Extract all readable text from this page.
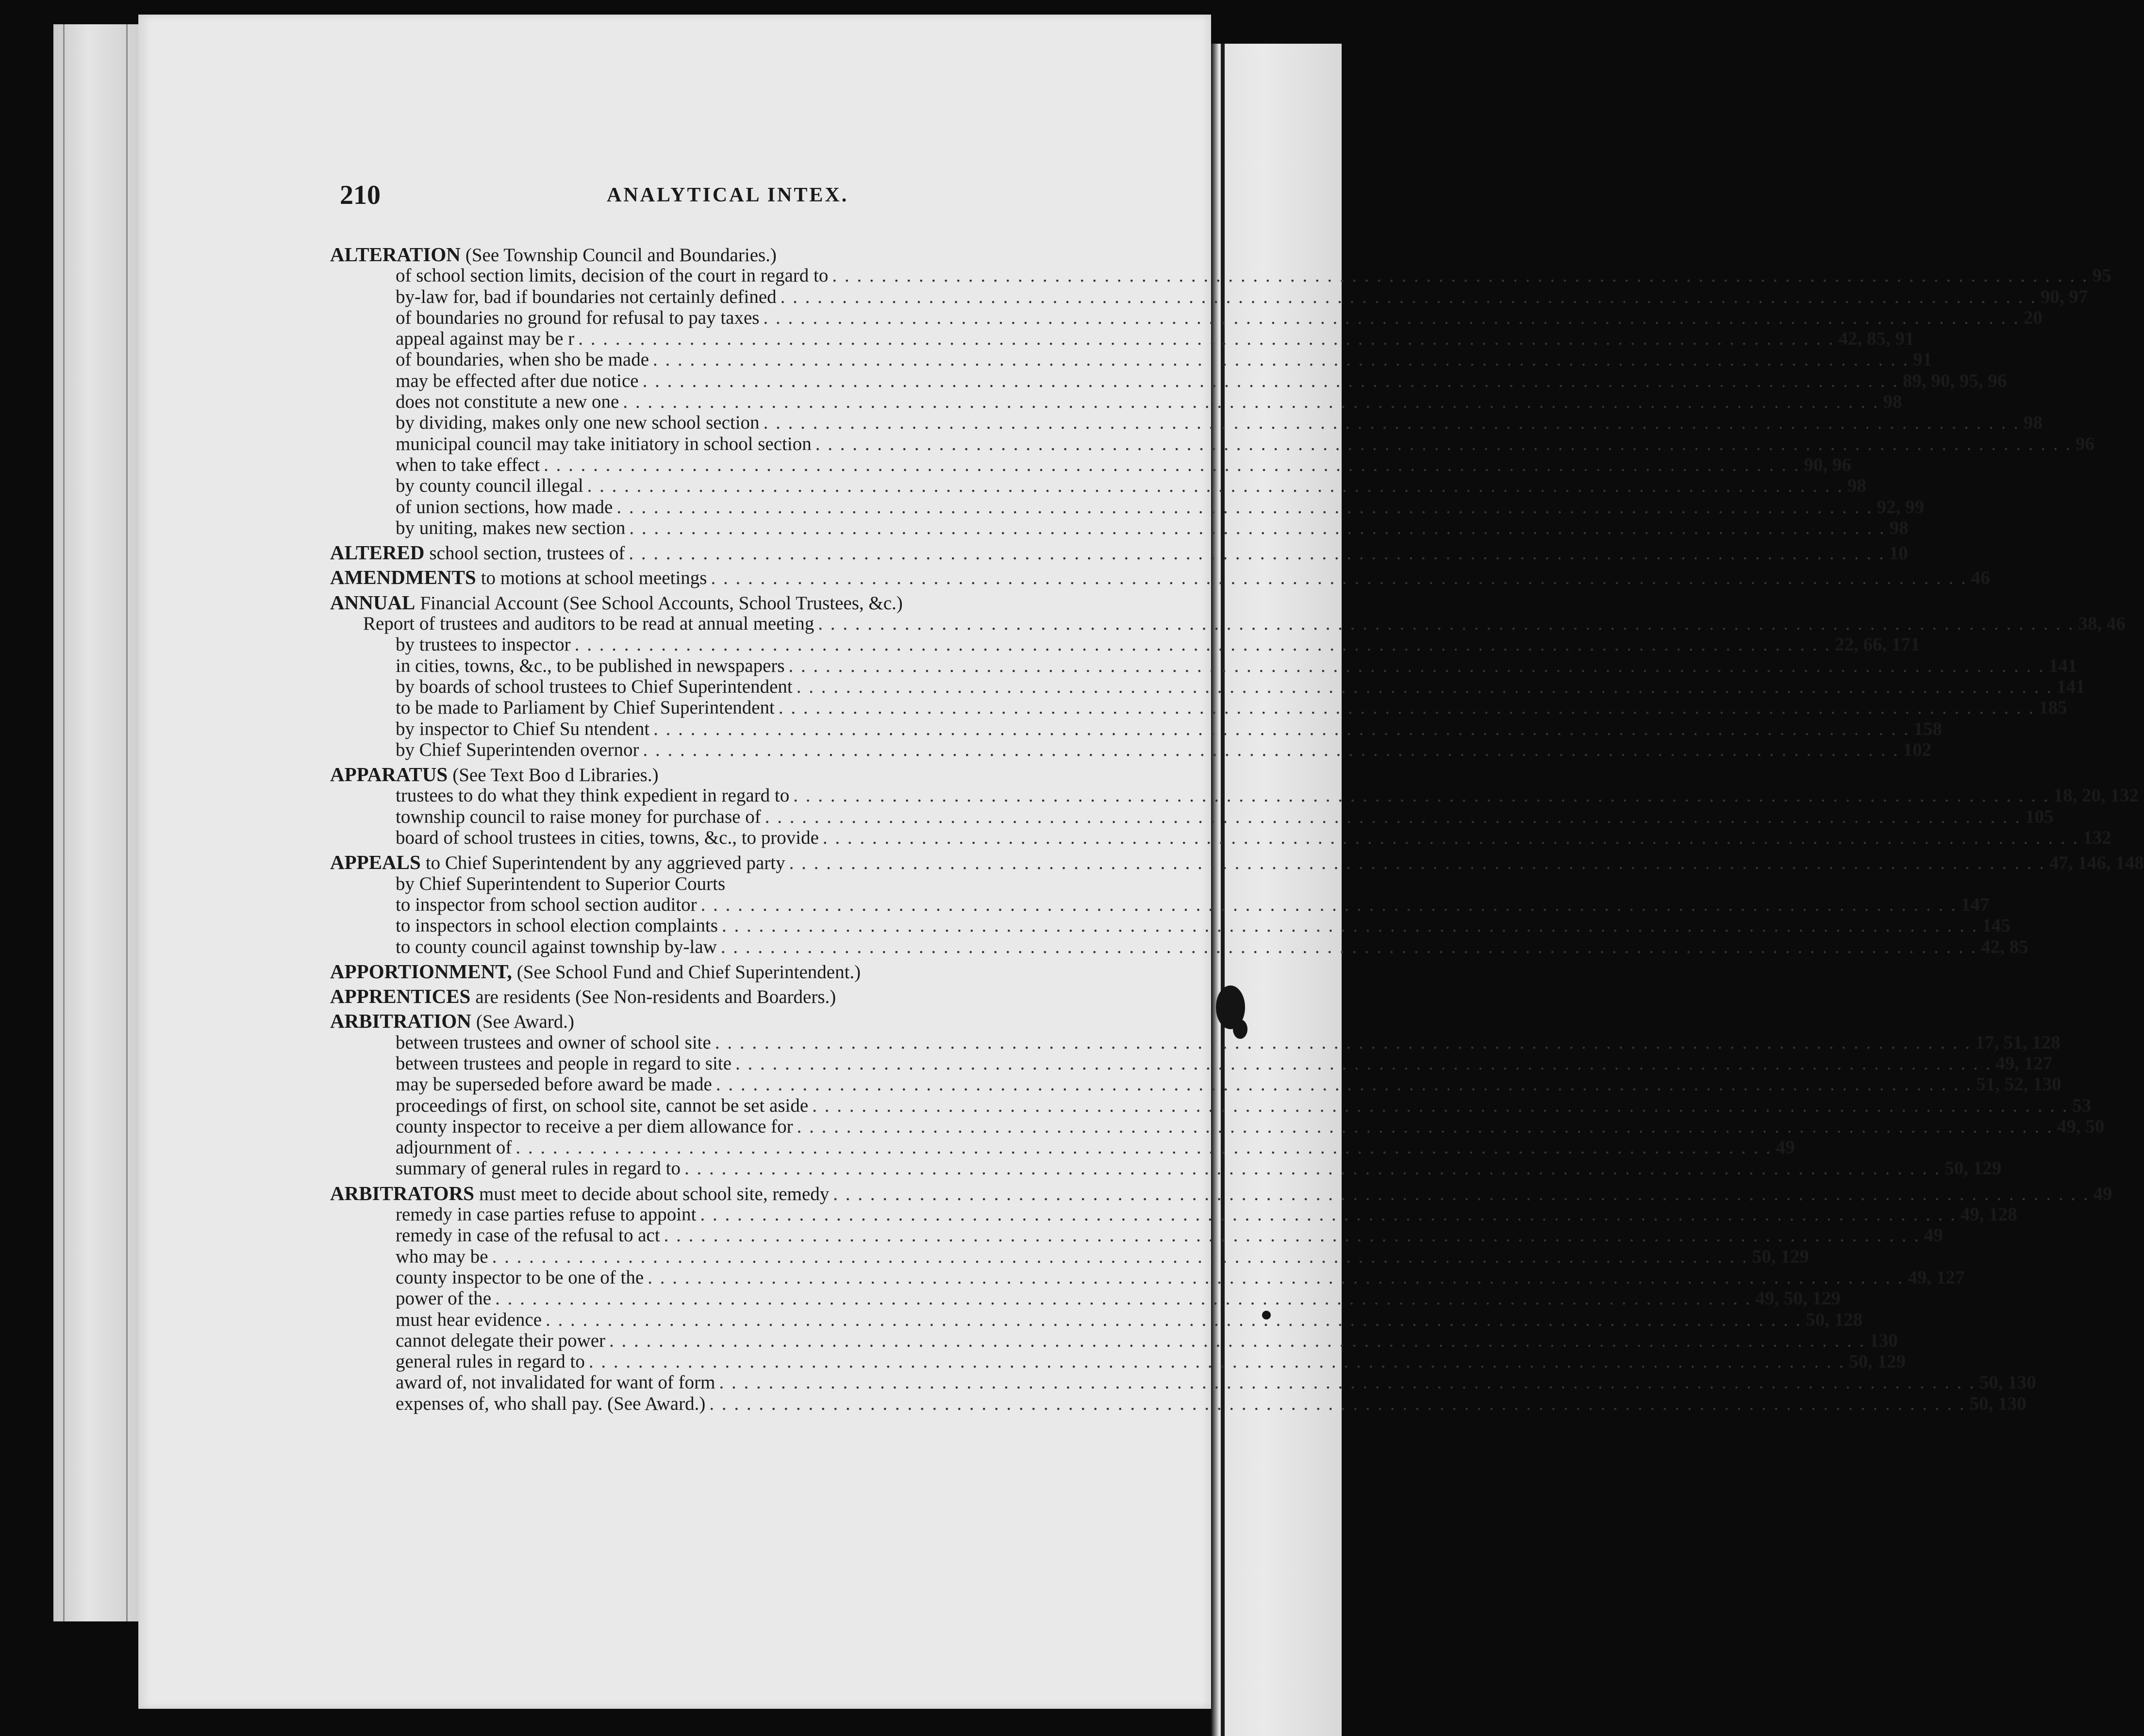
210	ANALYTICAL INTEX.
ALTERATION (See Township Council and Boundaries.)
of school section limits, decision of the court in regard to . . .	95
by-law for, bad if boundaries not certainly defined . . .	90, 97
of boundaries no ground for refusal to pay taxes . . .	20
appeal against may be r . . .	42, 85, 91
of boundaries, when sho be made . . .	91
may be effected after due notice . . .	89, 90, 95, 96
does not constitute a new one . . .	98
by dividing, makes only one new school section . . .	98
municipal council may take initiatory in school section . . .	96
when to take effect . . .	90, 96
by county council illegal . . .	98
of union sections, how made . . .	92, 99
by uniting, makes new section . . .	98
ALTERED school section, trustees of . . .	10
AMENDMENTS to motions at school meetings . . .	46
ANNUAL Financial Account (See School Accounts, School Trustees, &c.)
Report of trustees and auditors to be read at annual meeting . . .	38, 46
by trustees to inspector . . .	22, 66, 171
in cities, towns, &c., to be published in newspapers . . .	141
by boards of school trustees to Chief Superintendent . . .	141
to be made to Parliament by Chief Superintendent . . .	185
by inspector to Chief Su ntendent . . .	158
by Chief Superintenden overnor . . .	102
APPARATUS (See Text Boo d Libraries.)
trustees to do what they think expedient in regard to . . .	18, 20, 132
township council to raise money for purchase of . . .	105
board of school trustees in cities, towns, &c., to provide . . .	132
APPEALS to Chief Superintendent by any aggrieved party . . .	47, 146, 148
by Chief Superintendent to Superior Courts
to inspector from school section auditor . . .	147
to inspectors in school election complaints . . .	145
to county council against township by-law . . .	42, 85
APPORTIONMENT, (See School Fund and Chief Superintendent.)
APPRENTICES are residents (See Non-residents and Boarders.)
ARBITRATION (See Award.)
between trustees and owner of school site . . .	17, 51, 128
between trustees and people in regard to site . . .	49, 127
may be superseded before award be made . . .	51, 52, 130
proceedings of first, on school site, cannot be set aside . . .	53
county inspector to receive a per diem allowance for . . .	49, 50
adjournment of . . .	49
summary of general rules in regard to . . .	50, 129
ARBITRATORS must meet to decide about school site, remedy . . .	49
remedy in case parties refuse to appoint . . .	49, 128
remedy in case of the refusal to act . . .	49
who may be . . .	50, 129
county inspector to be one of the . . .	49, 127
power of the . . .	49, 50, 129
must hear evidence . . .	50, 128
cannot delegate their power . . .	130
general rules in regard to . . .	50, 129
award of, not invalidated for want of form . . .	50, 130
expenses of, who shall pay. (See Award.) . . .	50, 130
